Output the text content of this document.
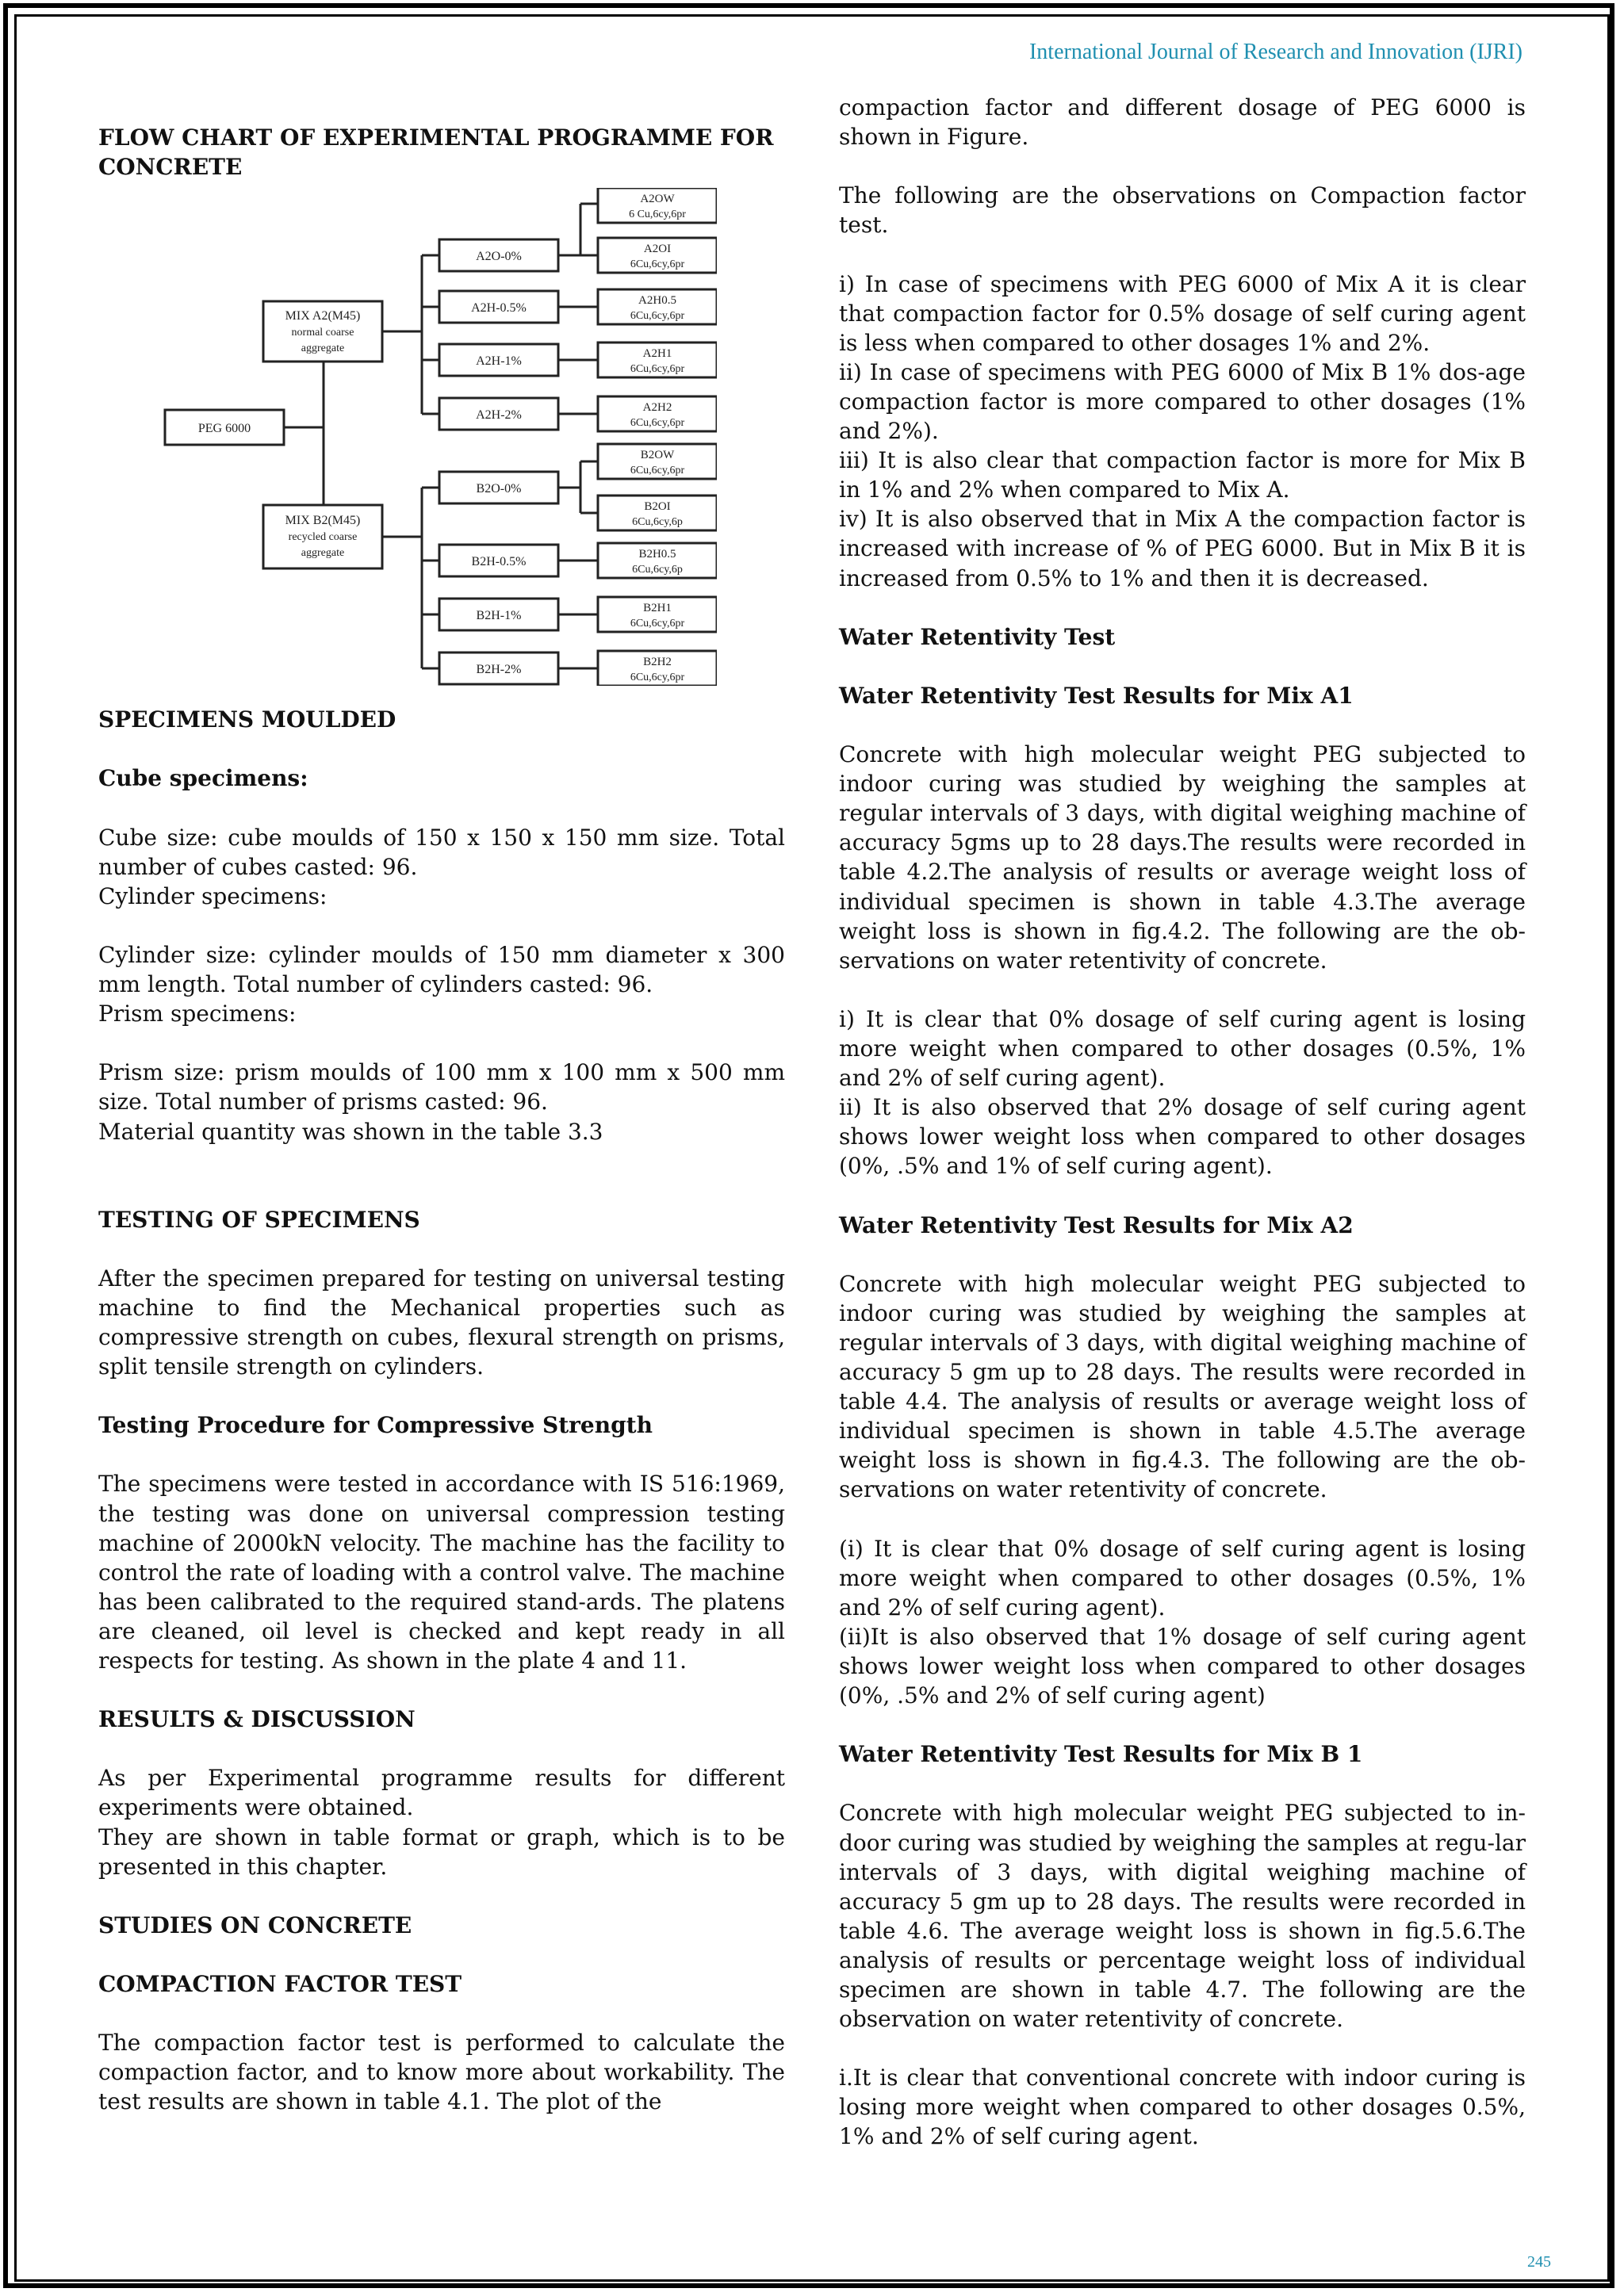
International Journal of Research and Innovation (IJRI)
FLOW CHART OF EXPERIMENTAL PROGRAMME FOR CONCRETE
PEG 6000
MIX A2(M45)
normal coarse
aggregate
MIX B2(M45)
recycled coarse
aggregate
A2O-0%
A2H-0.5%
A2H-1%
A2H-2%
B2O-0%
B2H-0.5%
B2H-1%
B2H-2%
A2OW
6 Cu,6cy,6pr
A2OI
6Cu,6cy,6pr
A2H0.5
6Cu,6cy,6pr
A2H1
6Cu,6cy,6pr
A2H2
6Cu,6cy,6pr
B2OW
6Cu,6cy,6pr
B2OI
6Cu,6cy,6p
B2H0.5
6Cu,6cy,6p
B2H1
6Cu,6cy,6pr
B2H2
6Cu,6cy,6pr
SPECIMENS MOULDED
Cube specimens:

Cube size: cube moulds of 150 x 150 x 150 mm size. Total number of cubes casted: 96.

Cylinder specimens:

Cylinder size: cylinder moulds of 150 mm diameter x 300 mm length. Total number of cylinders casted: 96.

Prism specimens:

Prism size: prism moulds of 100 mm x 100 mm x 500 mm size. Total number of prisms casted: 96.

Material quantity was shown in the table 3.3

TESTING OF SPECIMENS

After the specimen prepared for testing on universal testing machine to find the Mechanical properties such as compressive strength on cubes, flexural strength on prisms, split tensile strength on cylinders.

Testing Procedure for Compressive Strength

The specimens were tested in accordance with IS 516:1969, the testing was done on universal compression testing machine of 2000kN velocity. The machine has the facility to control the rate of loading with a control valve. The machine has been calibrated to the required stand-ards. The platens are cleaned, oil level is checked and kept ready in all respects for testing. As shown in the plate 4 and 11.

RESULTS & DISCUSSION

As per Experimental programme results for different experiments were obtained.

They are shown in table format or graph, which is to be presented in this chapter.

STUDIES ON CONCRETE
COMPACTION FACTOR TEST

The compaction factor test is performed to calculate the compaction factor, and to know more about workability. The test results are shown in table 4.1. The plot of the

compaction factor and different dosage of PEG 6000 is shown in Figure.

The following are the observations on Compaction factor test.

i) In case of specimens with PEG 6000 of Mix A it is clear that compaction factor for 0.5% dosage of self curing agent is less when compared to other dosages 1% and 2%.

ii) In case of specimens with PEG 6000 of Mix B 1% dos-age compaction factor is more compared to other dosages (1% and 2%).

iii) It is also clear that compaction factor is more for Mix B in 1% and 2% when compared to Mix A.

iv) It is also observed that in Mix A the compaction factor is increased with increase of % of PEG 6000. But in Mix B it is increased from 0.5% to 1% and then it is decreased.

Water Retentivity Test
Water Retentivity Test Results for Mix A1

Concrete with high molecular weight PEG subjected to indoor curing was studied by weighing the samples at regular intervals of 3 days, with digital weighing machine of accuracy 5gms up to 28 days.The results were recorded in table 4.2.The analysis of results or average weight loss of individual specimen is shown in table 4.3.The average weight loss is shown in fig.4.2. The following are the ob-servations on water retentivity of concrete.

i) It is clear that 0% dosage of self curing agent is losing more weight when compared to other dosages (0.5%, 1% and 2% of self curing agent).

ii) It is also observed that 2% dosage of self curing agent shows lower weight loss when compared to other dosages (0%, .5% and 1% of self curing agent).

Water Retentivity Test Results for Mix A2

Concrete with high molecular weight PEG subjected to indoor curing was studied by weighing the samples at regular intervals of 3 days, with digital weighing machine of accuracy 5 gm up to 28 days. The results were recorded in table 4.4. The analysis of results or average weight loss of individual specimen is shown in table 4.5.The average weight loss is shown in fig.4.3. The following are the ob-servations on water retentivity of concrete.

(i) It is clear that 0% dosage of self curing agent is losing more weight when compared to other dosages (0.5%, 1% and 2% of self curing agent).

(ii)It is also observed that 1% dosage of self curing agent shows lower weight loss when compared to other dosages (0%, .5% and 2% of self curing agent)

Water Retentivity Test Results for Mix B 1

Concrete with high molecular weight PEG subjected to in-door curing was studied by weighing the samples at regu-lar intervals of 3 days, with digital weighing machine of accuracy 5 gm up to 28 days. The results were recorded in table 4.6. The average weight loss is shown in fig.5.6.The analysis of results or percentage weight loss of individual specimen are shown in table 4.7. The following are the observation on water retentivity of concrete.

i.It is clear that conventional concrete with indoor curing is losing more weight when compared to other dosages 0.5%, 1% and 2% of self curing agent.

245
